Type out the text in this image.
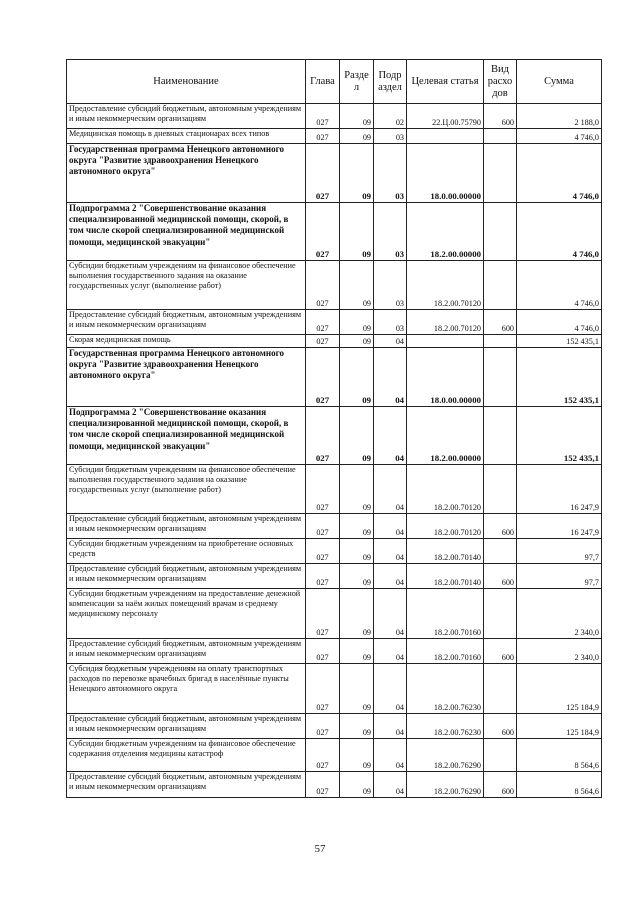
Наименование	Глава	Разде л	Подр аздел	Целевая статья	Вид расхо дов	Сумма
Предоставление субсидий бюджетным, автономным учреждениям и иным некоммерческим организациям	027	09	02	22.Ц.00.75790	600	2 188,0
Медицинская помощь в дневных стационарах всех типов	027	09	03			4 746,0
Государственная программа Ненецкого автономного округа "Развитие здравоохранения Ненецкого автономного округа"	027	09	03	18.0.00.00000		4 746,0
Подпрограмма 2 "Совершенствование оказания специализированной медицинской помощи, скорой, в том числе скорой специализированной медицинской помощи, медицинской эвакуации"	027	09	03	18.2.00.00000		4 746,0
Субсидии бюджетным учреждениям на финансовое обеспечение выполнения государственного задания на оказание государственных услуг (выполнение работ)	027	09	03	18.2.00.70120		4 746,0
Предоставление субсидий бюджетным, автономным учреждениям и иным некоммерческим организациям	027	09	03	18.2.00.70120	600	4 746,0
Скорая медицинская помощь	027	09	04			152 435,1
Государственная программа Ненецкого автономного округа "Развитие здравоохранения Ненецкого автономного округа"	027	09	04	18.0.00.00000		152 435,1
Подпрограмма 2 "Совершенствование оказания специализированной медицинской помощи, скорой, в том числе скорой специализированной медицинской помощи, медицинской эвакуации"	027	09	04	18.2.00.00000		152 435,1
Субсидии бюджетным учреждениям на финансовое обеспечение выполнения государственного задания на оказание государственных услуг (выполнение работ)	027	09	04	18.2.00.70120		16 247,9
Предоставление субсидий бюджетным, автономным учреждениям и иным некоммерческим организациям	027	09	04	18.2.00.70120	600	16 247,9
Субсидии бюджетным учреждениям на приобретение основных средств	027	09	04	18.2.00.70140		97,7
Предоставление субсидий бюджетным, автономным учреждениям и иным некоммерческим организациям	027	09	04	18.2.00.70140	600	97,7
Субсидии бюджетным учреждениям на предоставление денежной компенсации за наём жилых помещений врачам и среднему медицинскому персоналу	027	09	04	18.2.00.70160		2 340,0
Предоставление субсидий бюджетным, автономным учреждениям и иным некоммерческим организациям	027	09	04	18.2.00.70160	600	2 340,0
Субсидия бюджетным учреждениям на оплату транспортных расходов по перевозке врачебных бригад в населённые пункты Ненецкого автономного округа	027	09	04	18.2.00.76230		125 184,9
Предоставление субсидий бюджетным, автономным учреждениям и иным некоммерческим организациям	027	09	04	18.2.00.76230	600	125 184,9
Субсидии бюджетным учреждениям на финансовое обеспечение содержания отделения медицины катастроф	027	09	04	18.2.00.76290		8 564,6
Предоставление субсидий бюджетным, автономным учреждениям и иным некоммерческим организациям	027	09	04	18.2.00.76290	600	8 564,6
57
